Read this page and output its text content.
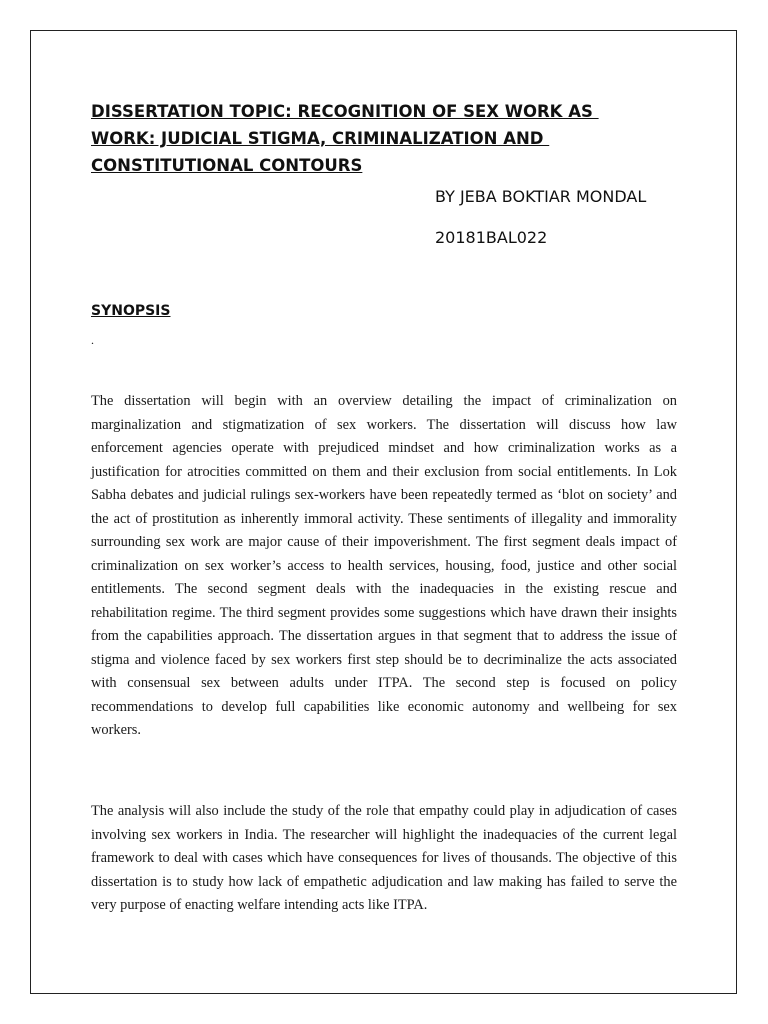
DISSERTATION TOPIC: RECOGNITION OF SEX WORK AS
WORK: JUDICIAL STIGMA, CRIMINALIZATION AND
CONSTITUTIONAL CONTOURS
BY JEBA BOKTIAR MONDAL
20181BAL022
SYNOPSIS
.

The dissertation will begin with an overview detailing the impact of criminalization on marginalization and stigmatization of sex workers. The dissertation will discuss how law enforcement agencies operate with prejudiced mindset and how criminalization works as a justification for atrocities committed on them and their exclusion from social entitlements. In Lok Sabha debates and judicial rulings sex-workers have been repeatedly termed as ‘blot on society’ and the act of prostitution as inherently immoral activity. These sentiments of illegality and immorality surrounding sex work are major cause of their impoverishment. The first segment deals impact of criminalization on sex worker’s access to health services, housing, food, justice and other social entitlements. The second segment deals with the inadequacies in the existing rescue and rehabilitation regime. The third segment provides some suggestions which have drawn their insights from the capabilities approach. The dissertation argues in that segment that to address the issue of stigma and violence faced by sex workers first step should be to decriminalize the acts associated with consensual sex between adults under ITPA. The second step is focused on policy recommendations to develop full capabilities like economic autonomy and wellbeing for sex workers.

The analysis will also include the study of the role that empathy could play in adjudication of cases involving sex workers in India. The researcher will highlight the inadequacies of the current legal framework to deal with cases which have consequences for lives of thousands. The objective of this dissertation is to study how lack of empathetic adjudication and law making has failed to serve the very purpose of enacting welfare intending acts like ITPA.
